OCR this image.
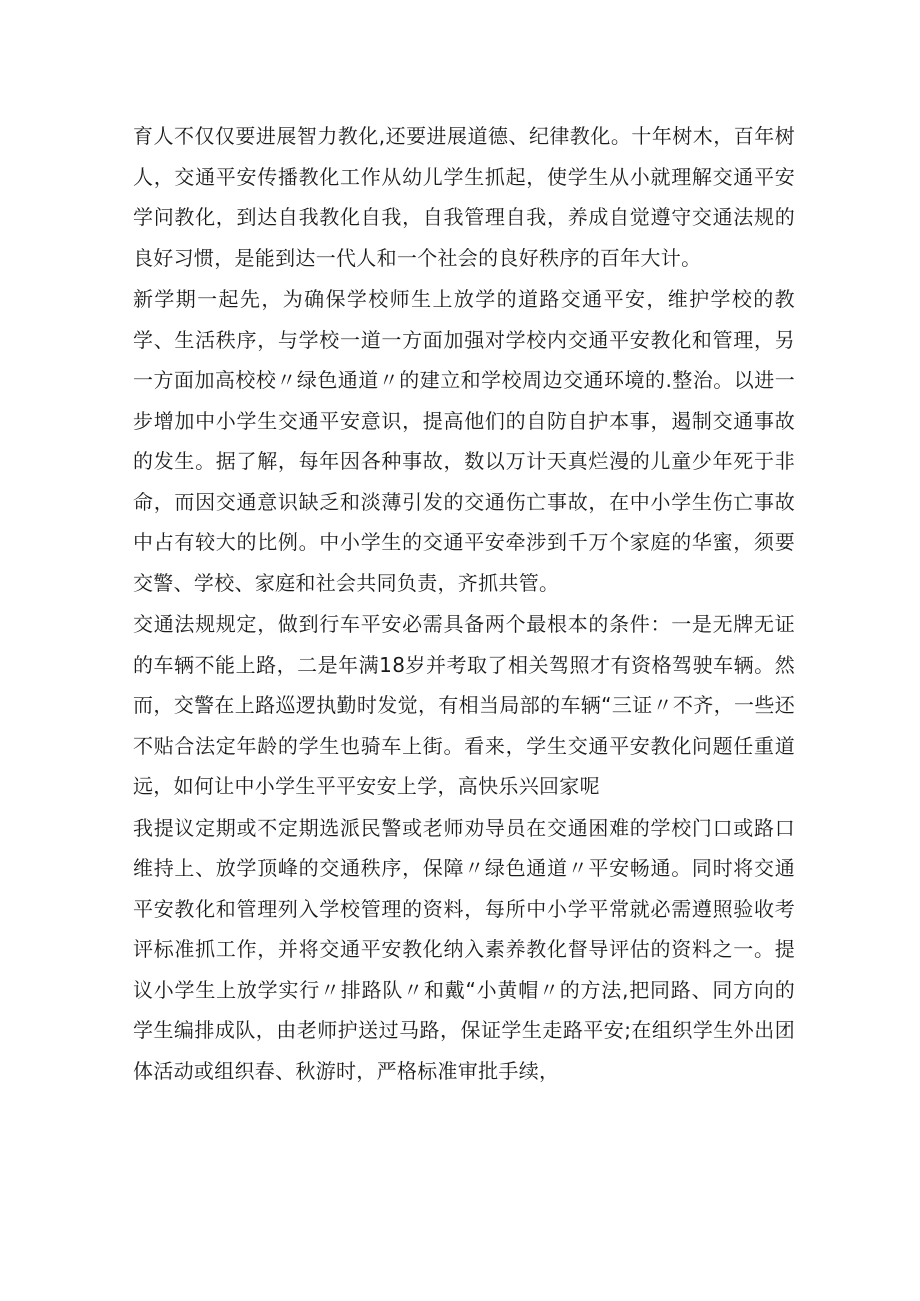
育人不仅仅要进展智力教化,还要进展道德、纪律教化。十年树木，百年树人，交通平安传播教化工作从幼儿学生抓起，使学生从小就理解交通平安学问教化，到达自我教化自我，自我管理自我，养成自觉遵守交通法规的良好习惯，是能到达一代人和一个社会的良好秩序的百年大计。

新学期一起先，为确保学校师生上放学的道路交通平安，维护学校的教学、生活秩序，与学校一道一方面加强对学校内交通平安教化和管理，另一方面加高校校〃绿色通道〃的建立和学校周边交通环境的.整治。以进一步增加中小学生交通平安意识，提高他们的自防自护本事，遏制交通事故的发生。据了解，每年因各种事故，数以万计天真烂漫的儿童少年死于非命，而因交通意识缺乏和淡薄引发的交通伤亡事故，在中小学生伤亡事故中占有较大的比例。中小学生的交通平安牵涉到千万个家庭的华蜜，须要交警、学校、家庭和社会共同负责，齐抓共管。

交通法规规定，做到行车平安必需具备两个最根本的条件：一是无牌无证的车辆不能上路，二是年满18岁并考取了相关驾照才有资格驾驶车辆。然而，交警在上路巡逻执勤时发觉，有相当局部的车辆“三证〃不齐，一些还不贴合法定年龄的学生也骑车上街。看来，学生交通平安教化问题任重道远，如何让中小学生平平安安上学，高快乐兴回家呢

我提议定期或不定期选派民警或老师劝导员在交通困难的学校门口或路口维持上、放学顶峰的交通秩序，保障〃绿色通道〃平安畅通。同时将交通平安教化和管理列入学校管理的资料，每所中小学平常就必需遵照验收考评标准抓工作，并将交通平安教化纳入素养教化督导评估的资料之一。提议小学生上放学实行〃排路队〃和戴“小黄帽〃的方法,把同路、同方向的学生编排成队，由老师护送过马路，保证学生走路平安;在组织学生外出团体活动或组织春、秋游时，严格标准审批手续，
